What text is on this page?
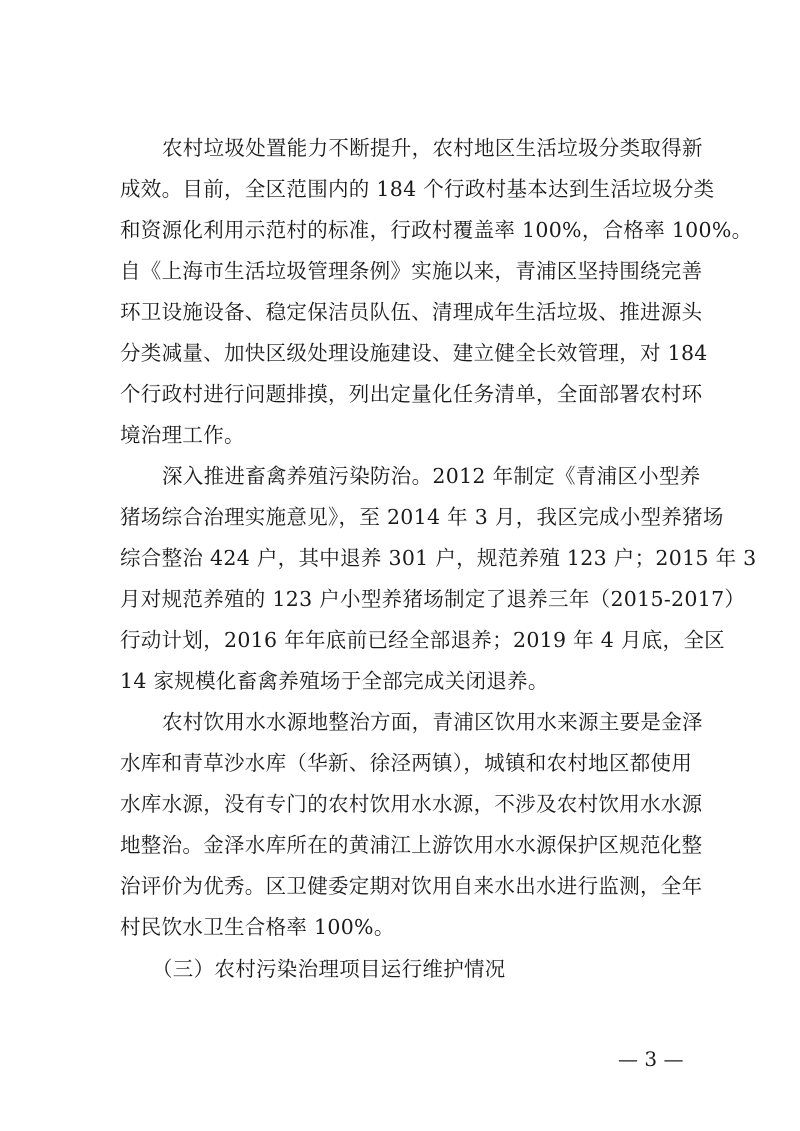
农村垃圾处置能力不断提升，农村地区生活垃圾分类取得新
成效。目前，全区范围内的 184 个行政村基本达到生活垃圾分类
和资源化利用示范村的标准，行政村覆盖率 100%，合格率 100%。
自《上海市生活垃圾管理条例》实施以来，青浦区坚持围绕完善
环卫设施设备、稳定保洁员队伍、清理成年生活垃圾、推进源头
分类减量、加快区级处理设施建设、建立健全长效管理，对 184
个行政村进行问题排摸，列出定量化任务清单，全面部署农村环
境治理工作。
深入推进畜禽养殖污染防治。2012 年制定《青浦区小型养
猪场综合治理实施意见》，至 2014 年 3 月，我区完成小型养猪场
综合整治 424 户，其中退养 301 户，规范养殖 123 户；2015 年 3
月对规范养殖的 123 户小型养猪场制定了退养三年（2015-2017）
行动计划，2016 年年底前已经全部退养；2019 年 4 月底，全区
14 家规模化畜禽养殖场于全部完成关闭退养。
农村饮用水水源地整治方面，青浦区饮用水来源主要是金泽
水库和青草沙水库（华新、徐泾两镇），城镇和农村地区都使用
水库水源，没有专门的农村饮用水水源，不涉及农村饮用水水源
地整治。金泽水库所在的黄浦江上游饮用水水源保护区规范化整
治评价为优秀。区卫健委定期对饮用自来水出水进行监测，全年
村民饮水卫生合格率 100%。
（三）农村污染治理项目运行维护情况
— 3 —
